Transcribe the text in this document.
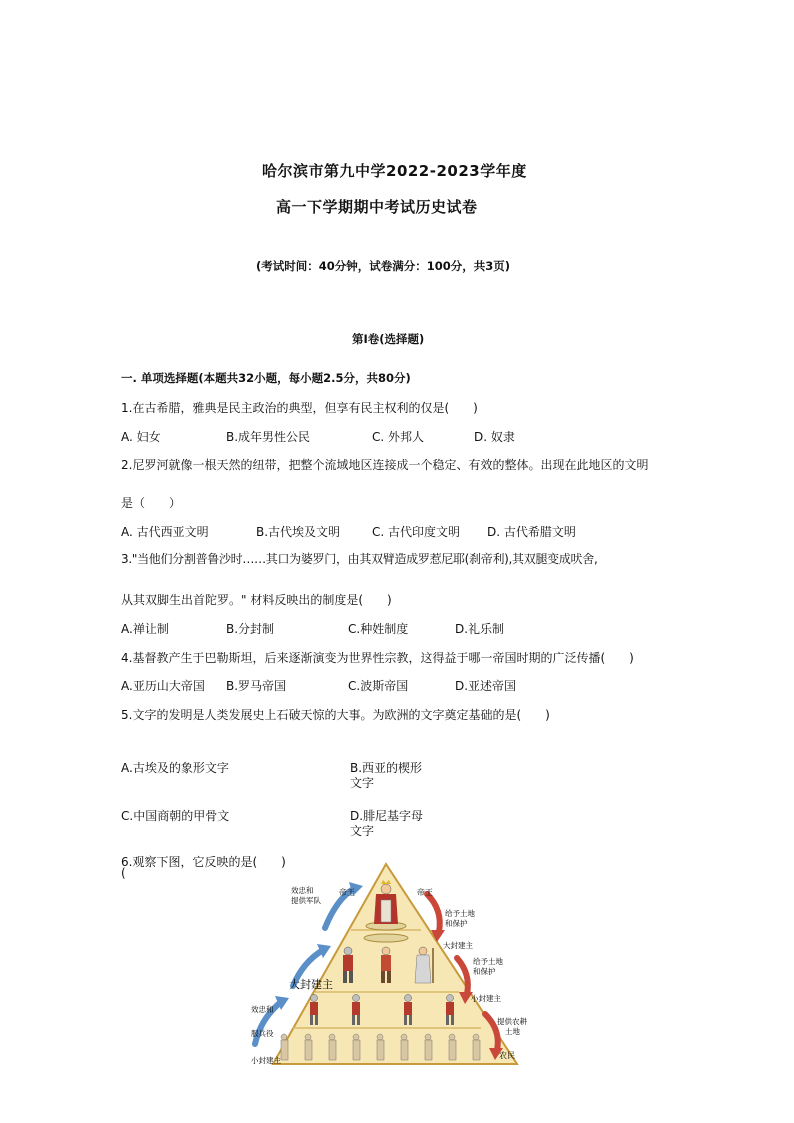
哈尔滨市第九中学2022-2023学年度
高一下学期期中考试历史试卷
(考试时间：40分钟，试卷满分：100分，共3页)
第Ⅰ卷(选择题)
一. 单项选择题(本题共32小题，每小题2.5分，共80分)
1.在古希腊，雅典是民主政治的典型，但享有民主权利的仅是(　　)
A. 妇女	B.成年男性公民	C. 外邦人	D. 奴隶
2.尼罗河就像一根天然的纽带，把整个流域地区连接成一个稳定、有效的整体。出现在此地区的文明
是（　　）
A. 古代西亚文明	B.古代埃及文明	C. 古代印度文明 D. 古代希腊文明
3."当他们分割普鲁沙时……其口为婆罗门，由其双臂造成罗惹尼耶(刹帝利),其双腿变成吠舍,
从其双脚生出首陀罗。" 材料反映出的制度是(　　)
A.禅让制	B.分封制	C.种姓制度	D.礼乐制
4.基督教产生于巴勒斯坦，后来逐渐演变为世界性宗教，这得益于哪一帝国时期的广泛传播(　　)
A.亚历山大帝国 B.罗马帝国	C.波斯帝国	D.亚述帝国
5.文字的发明是人类发展史上石破天惊的大事。为欧洲的文字奠定基础的是(　　)
A.古埃及的象形文字	B.西亚的楔形
文字
C.中国商朝的甲骨文	D.腓尼基字母
文字
6.观察下图，它反映的是(　　)
(
帝王	帝王
效忠和
提供军队
给予土地
和保护
大封建主
大封建主
给予土地
和保护
小封建主
效忠和
服兵役
提供农耕
土地
小封建主
农民
